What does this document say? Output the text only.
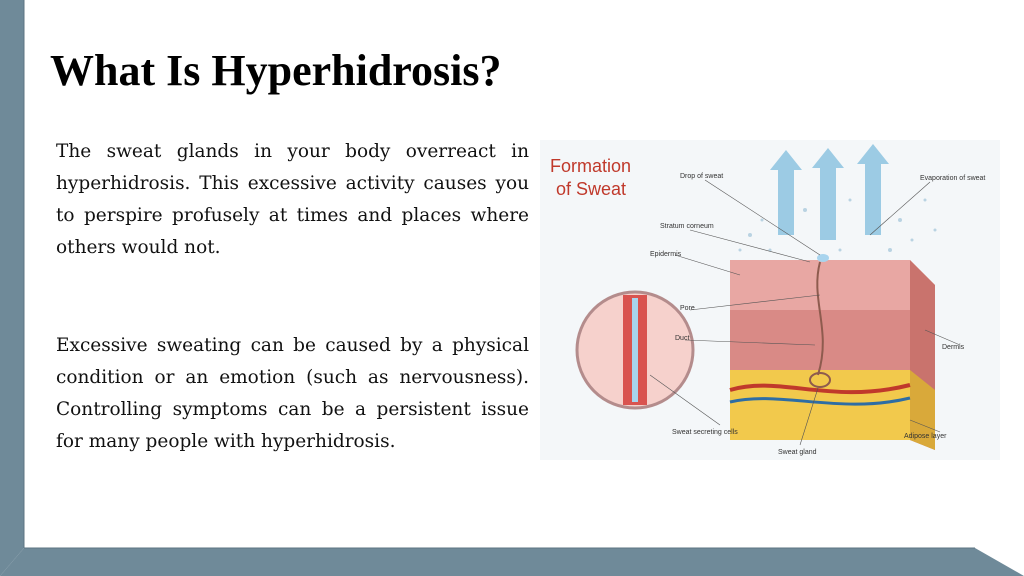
What Is Hyperhidrosis?

The sweat glands in your body overreact in hyperhidrosis. This excessive activity causes you to perspire profusely at times and places where others would not.

Excessive sweating can be caused by a physical condition or an emotion (such as nervousness). Controlling symptoms can be a persistent issue for many people with hyperhidrosis.

Formation
of Sweat
Drop of sweat	Evaporation of sweat
Stratum corneum
Epidermis
Pore
Duct
Dermis
Sweat secreting cells
Sweat gland
Adipose layer
